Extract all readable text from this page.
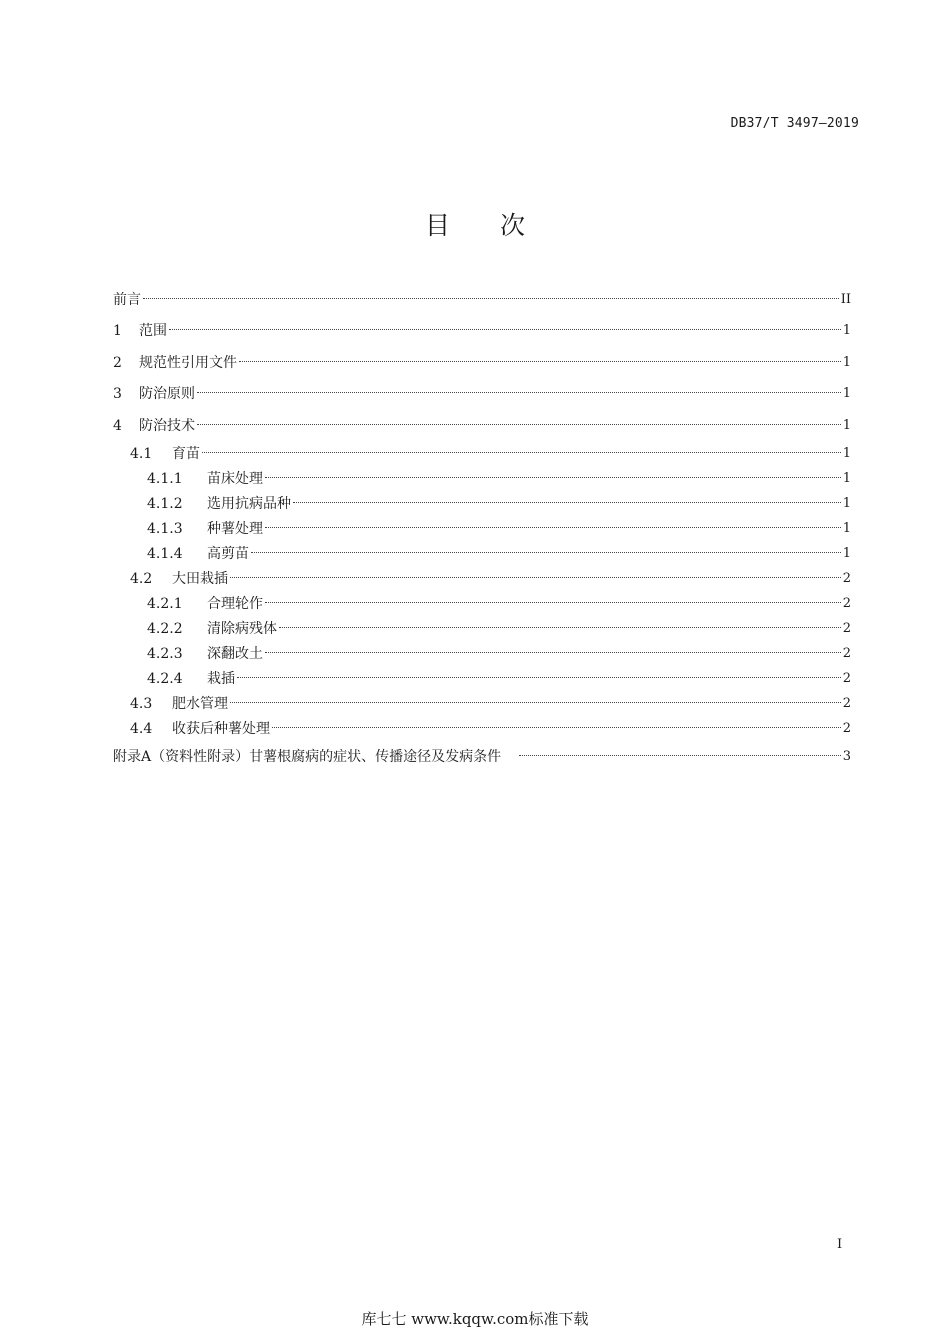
DB37/T 3497—2019
目次
前言	II
1	范围	1
2	规范性引用文件	1
3	防治原则	1
4	防治技术	1
4.1	育苗	1
4.1.1	苗床处理	1
4.1.2	选用抗病品种	1
4.1.3	种薯处理	1
4.1.4	高剪苗	1
4.2	大田栽插	2
4.2.1	合理轮作	2
4.2.2	清除病残体	2
4.2.3	深翻改土	2
4.2.4	栽插	2
4.3	肥水管理	2
4.4	收获后种薯处理	2
附录A（资料性附录）甘薯根腐病的症状、传播途径及发病条件	3
I
库七七 www.kqqw.com标准下载
